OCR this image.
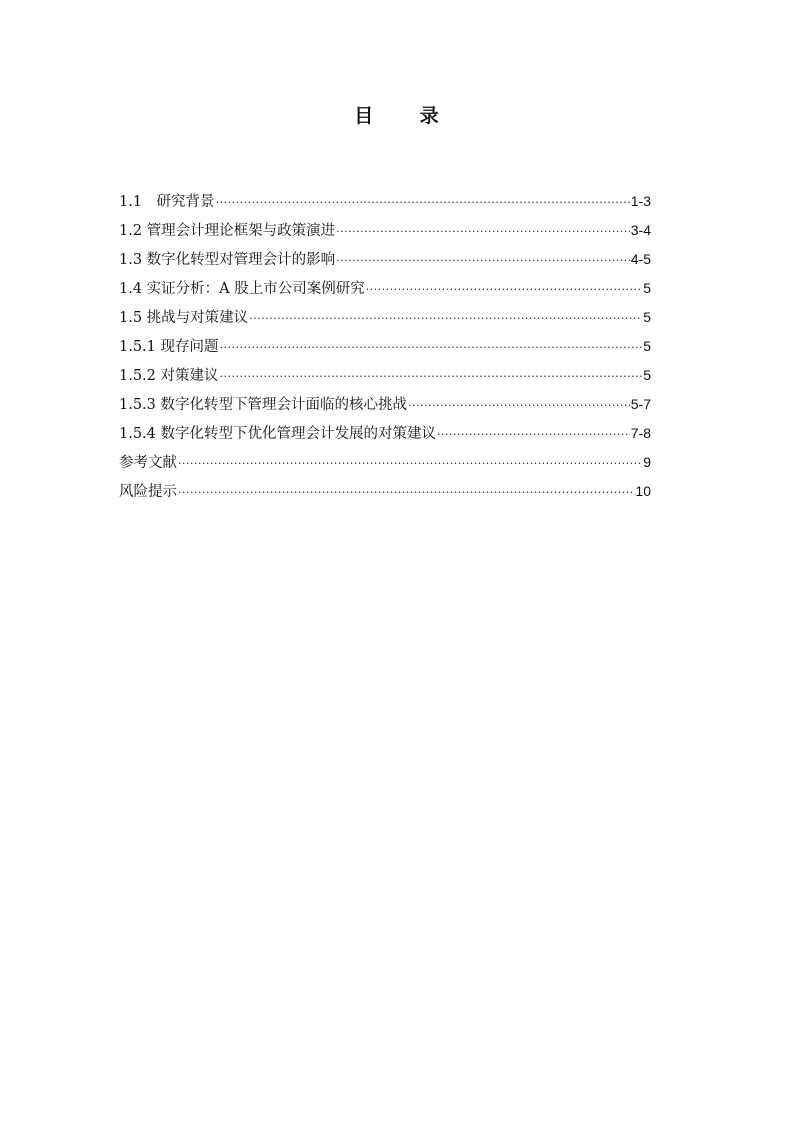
目 录
1.1　研究背景 ·····	1-3
1.2 管理会计理论框架与政策演进 ·····	3-4
1.3 数字化转型对管理会计的影响 ·····	4-5
1.4 实证分析：A 股上市公司案例研究 ·····	5
1.5 挑战与对策建议 ·····	5
1.5.1 现存问题 ·····	5
1.5.2 对策建议 ·····	5
1.5.3 数字化转型下管理会计面临的核心挑战 ·····	5-7
1.5.4 数字化转型下优化管理会计发展的对策建议 ·····	7-8
参考文献 ·····	9
风险提示 ·····	10
